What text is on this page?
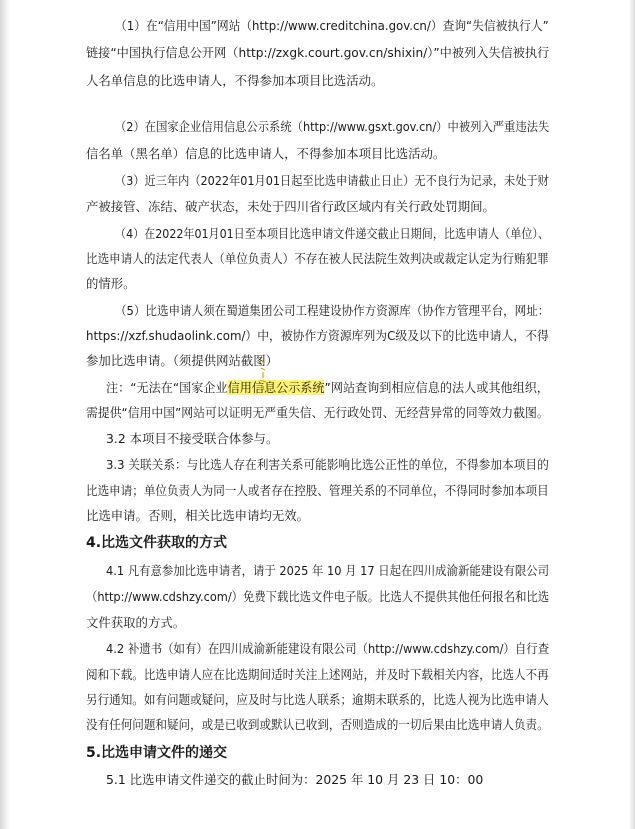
（1）在“信用中国”网站（http://www.creditchina.gov.cn/）查询“失信被执行人”
链接“中国执行信息公开网（http://zxgk.court.gov.cn/shixin/）”中被列入失信被执行
人名单信息的比选申请人，不得参加本项目比选活动。
（2）在国家企业信用信息公示系统（http://www.gsxt.gov.cn/）中被列入严重违法失
信名单（黑名单）信息的比选申请人，不得参加本项目比选活动。
（3）近三年内（2022年01月01日起至比选申请截止日止）无不良行为记录，未处于财
产被接管、冻结、破产状态，未处于四川省行政区域内有关行政处罚期间。
（4）在2022年01月01日至本项目比选申请文件递交截止日期间，比选申请人（单位）、
比选申请人的法定代表人（单位负责人）不存在被人民法院生效判决或裁定认定为行贿犯罪
的情形。
（5）比选申请人须在蜀道集团公司工程建设协作方资源库（协作方管理平台，网址：
https://xzf.shudaolink.com/）中，被协作方资源库列为C级及以下的比选申请人，不得
参加比选申请。（须提供网站截图）
注：“无法在“国家企业信用信息公示系统”网站查询到相应信息的法人或其他组织，
需提供“信用中国”网站可以证明无严重失信、无行政处罚、无经营异常的同等效力截图。
3.2 本项目不接受联合体参与。
3.3 关联关系：与比选人存在利害关系可能影响比选公正性的单位，不得参加本项目的
比选申请；单位负责人为同一人或者存在控股、管理关系的不同单位，不得同时参加本项目
比选申请。否则，相关比选申请均无效。
4.比选文件获取的方式
4.1 凡有意参加比选申请者，请于 2025 年 10 月 17 日起在四川成渝新能建设有限公司
（http://www.cdshzy.com/）免费下载比选文件电子版。比选人不提供其他任何报名和比选
文件获取的方式。
4.2 补遗书（如有）在四川成渝新能建设有限公司（http://www.cdshzy.com/）自行查
阅和下载。比选申请人应在比选期间适时关注上述网站，并及时下载相关内容，比选人不再
另行通知。如有问题或疑问，应及时与比选人联系；逾期未联系的，比选人视为比选申请人
没有任何问题和疑问，或是已收到或默认已收到，否则造成的一切后果由比选申请人负责。
5.比选申请文件的递交
5.1 比选申请文件递交的截止时间为：2025 年 10 月 23 日 10：00
